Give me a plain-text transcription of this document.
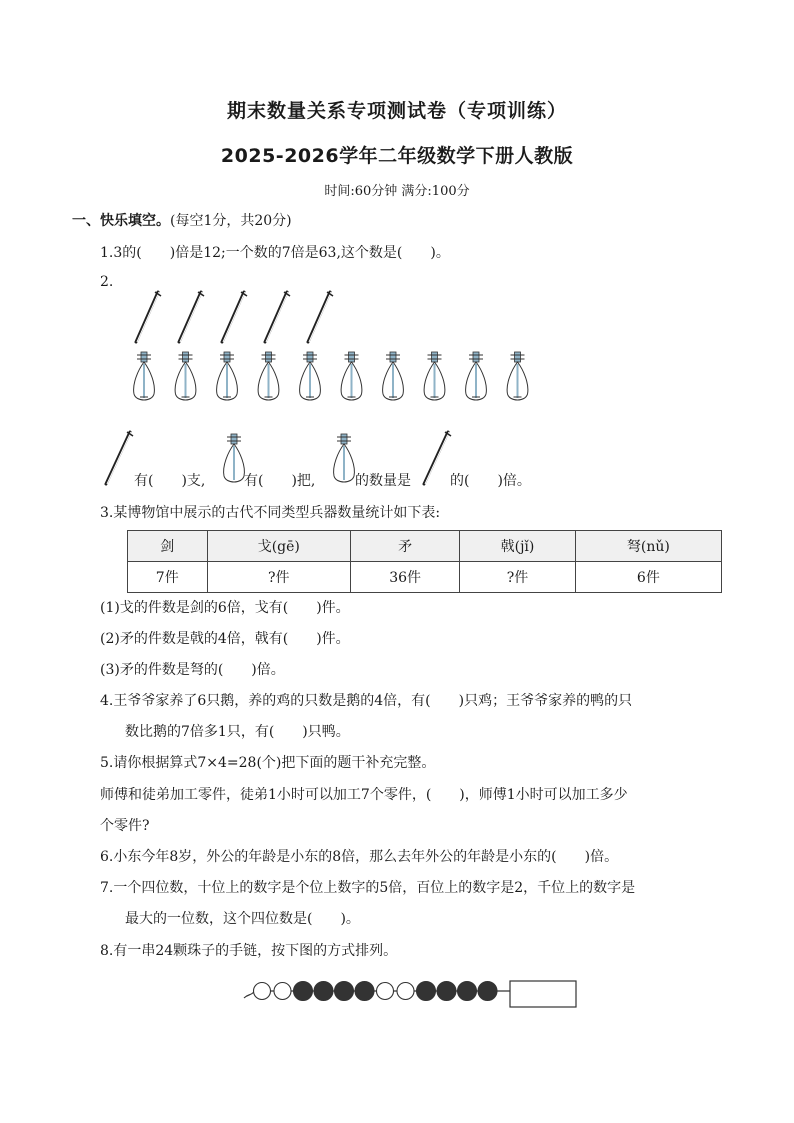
期末数量关系专项测试卷（专项训练）
2025-2026学年二年级数学下册人教版
时间:60分钟 满分:100分
一、快乐填空。(每空1分，共20分)
1.3的(　　)倍是12;一个数的7倍是63,这个数是(　　)。
2.
有(　　)支,	有(　　)把,	的数量是	的(　　)倍。
3.某博物馆中展示的古代不同类型兵器数量统计如下表:
剑	戈(gē)	矛	戟(jǐ)	弩(nǔ)
7件	?件	36件	?件	6件
(1)戈的件数是剑的6倍，戈有(　　)件。
(2)矛的件数是戟的4倍，戟有(　　)件。
(3)矛的件数是弩的(　　)倍。
4.王爷爷家养了6只鹅，养的鸡的只数是鹅的4倍，有(　　)只鸡；王爷爷家养的鸭的只
数比鹅的7倍多1只，有(　　)只鸭。
5.请你根据算式7×4=28(个)把下面的题干补充完整。
师傅和徒弟加工零件，徒弟1小时可以加工7个零件，(　　)，师傅1小时可以加工多少
个零件?
6.小东今年8岁，外公的年龄是小东的8倍，那么去年外公的年龄是小东的(　　)倍。
7.一个四位数，十位上的数字是个位上数字的5倍，百位上的数字是2，千位上的数字是
最大的一位数，这个四位数是(　　)。
8.有一串24颗珠子的手链，按下图的方式排列。
